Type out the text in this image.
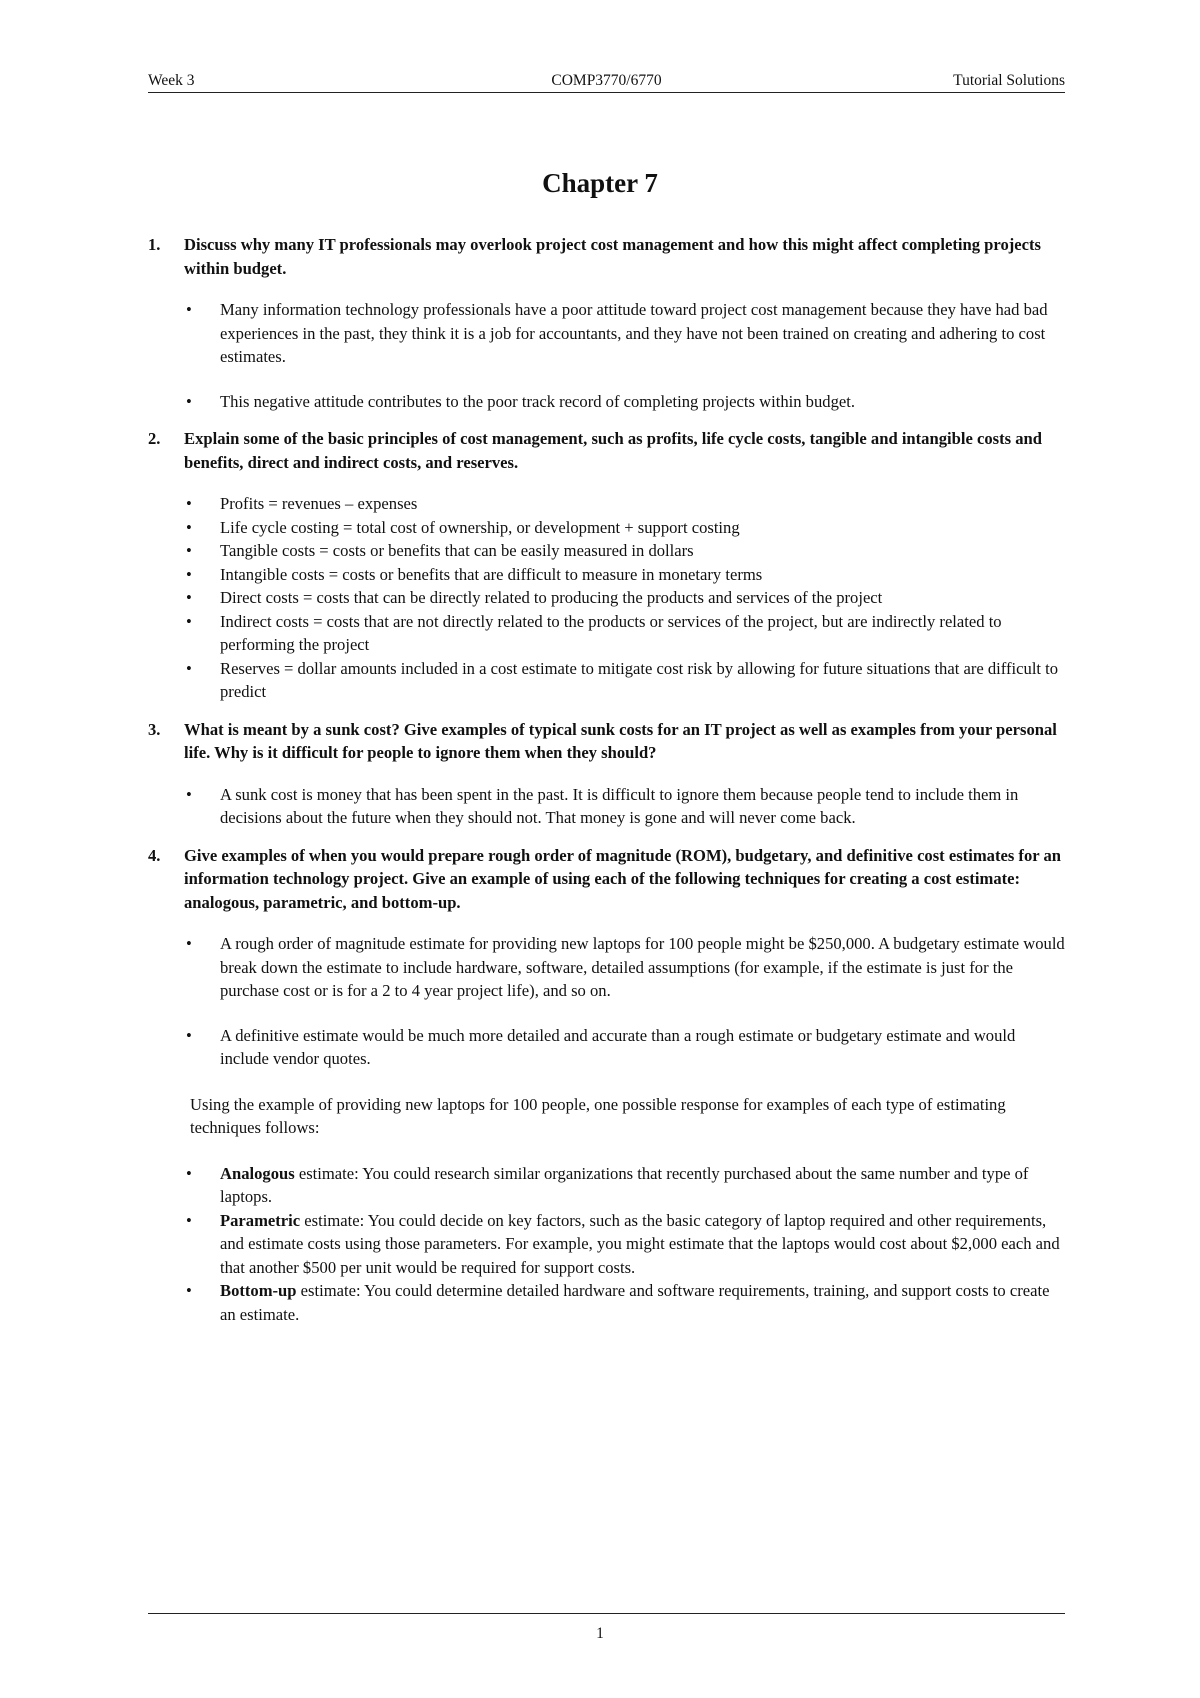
Week 3	COMP3770/6770	Tutorial Solutions
Chapter 7
1. Discuss why many IT professionals may overlook project cost management and how this might affect completing projects within budget.
• Many information technology professionals have a poor attitude toward project cost management because they have had bad experiences in the past, they think it is a job for accountants, and they have not been trained on creating and adhering to cost estimates.
• This negative attitude contributes to the poor track record of completing projects within budget.
2. Explain some of the basic principles of cost management, such as profits, life cycle costs, tangible and intangible costs and benefits, direct and indirect costs, and reserves.
• Profits = revenues – expenses
• Life cycle costing = total cost of ownership, or development + support costing
• Tangible costs = costs or benefits that can be easily measured in dollars
• Intangible costs = costs or benefits that are difficult to measure in monetary terms
• Direct costs = costs that can be directly related to producing the products and services of the project
• Indirect costs = costs that are not directly related to the products or services of the project, but are indirectly related to performing the project
• Reserves = dollar amounts included in a cost estimate to mitigate cost risk by allowing for future situations that are difficult to predict
3. What is meant by a sunk cost? Give examples of typical sunk costs for an IT project as well as examples from your personal life. Why is it difficult for people to ignore them when they should?
• A sunk cost is money that has been spent in the past. It is difficult to ignore them because people tend to include them in decisions about the future when they should not. That money is gone and will never come back.
4. Give examples of when you would prepare rough order of magnitude (ROM), budgetary, and definitive cost estimates for an information technology project. Give an example of using each of the following techniques for creating a cost estimate: analogous, parametric, and bottom-up.
• A rough order of magnitude estimate for providing new laptops for 100 people might be $250,000. A budgetary estimate would break down the estimate to include hardware, software, detailed assumptions (for example, if the estimate is just for the purchase cost or is for a 2 to 4 year project life), and so on.
• A definitive estimate would be much more detailed and accurate than a rough estimate or budgetary estimate and would include vendor quotes.
Using the example of providing new laptops for 100 people, one possible response for examples of each type of estimating techniques follows:
• Analogous estimate: You could research similar organizations that recently purchased about the same number and type of laptops.
• Parametric estimate: You could decide on key factors, such as the basic category of laptop required and other requirements, and estimate costs using those parameters. For example, you might estimate that the laptops would cost about $2,000 each and that another $500 per unit would be required for support costs.
• Bottom-up estimate: You could determine detailed hardware and software requirements, training, and support costs to create an estimate.
1
